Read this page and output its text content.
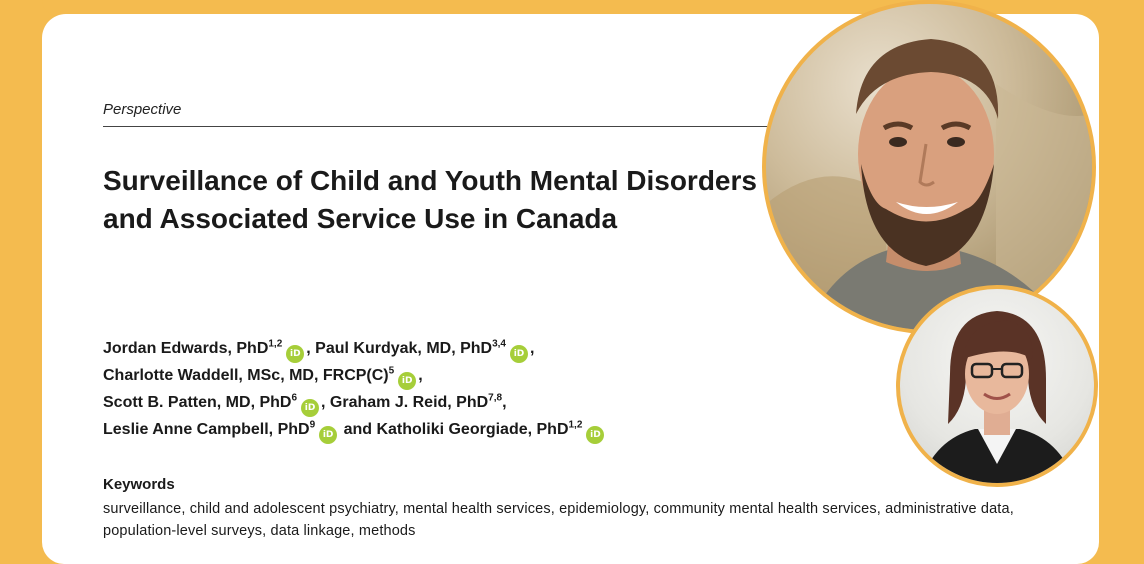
Perspective
Surveillance of Child and Youth Mental Disorders and Associated Service Use in Canada
Jordan Edwards, PhD$^{1,2}$iD , Paul Kurdyak, MD, PhD$^{3,4}$iD ,
Charlotte Waddell, MSc, MD, $FRCP(C)^5iD$ ,
Scott B. Patten, MD, PhD$^6$iD , Graham J. Reid, PhD$^{7,8}$,
Leslie Anne Campbell, PhD$^9$iD and Katholiki Georgiade, PhD$^{1,2}$iD
Keywords
surveillance, child and adolescent psychiatry, mental health services, epidemiology, community mental health services, administrative data, population-level surveys, data linkage, methods
